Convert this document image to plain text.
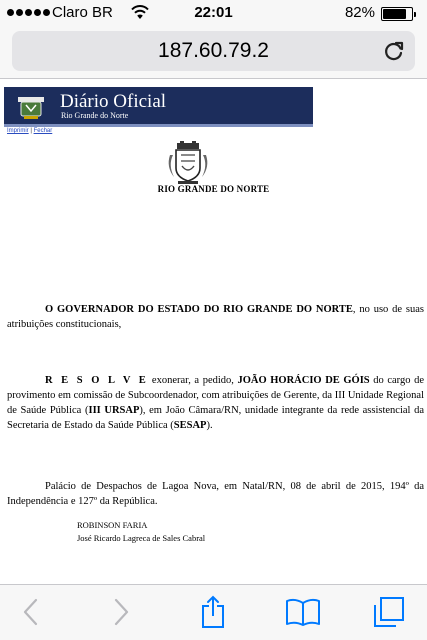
Claro BR	22:01	82%
187.60.79.2
Diário Oficial
Rio Grande do Norte
Imprimir | Fechar
RIO GRANDE DO NORTE

O GOVERNADOR DO ESTADO DO RIO GRANDE DO NORTE, no uso de suas atribuições constitucionais,

R E S O L V E exonerar, a pedido, JOÃO HORÁCIO DE GÓIS do cargo de provimento em comissão de Subcoordenador, com atribuições de Gerente, da III Unidade Regional de Saúde Pública (III URSAP), em João Câmara/RN, unidade integrante da rede assistencial da Secretaria de Estado da Saúde Pública (SESAP).

Palácio de Despachos de Lagoa Nova, em Natal/RN, 08 de abril de 2015, 194º da Independência e 127º da República.

ROBINSON FARIA
José Ricardo Lagreca de Sales Cabral
